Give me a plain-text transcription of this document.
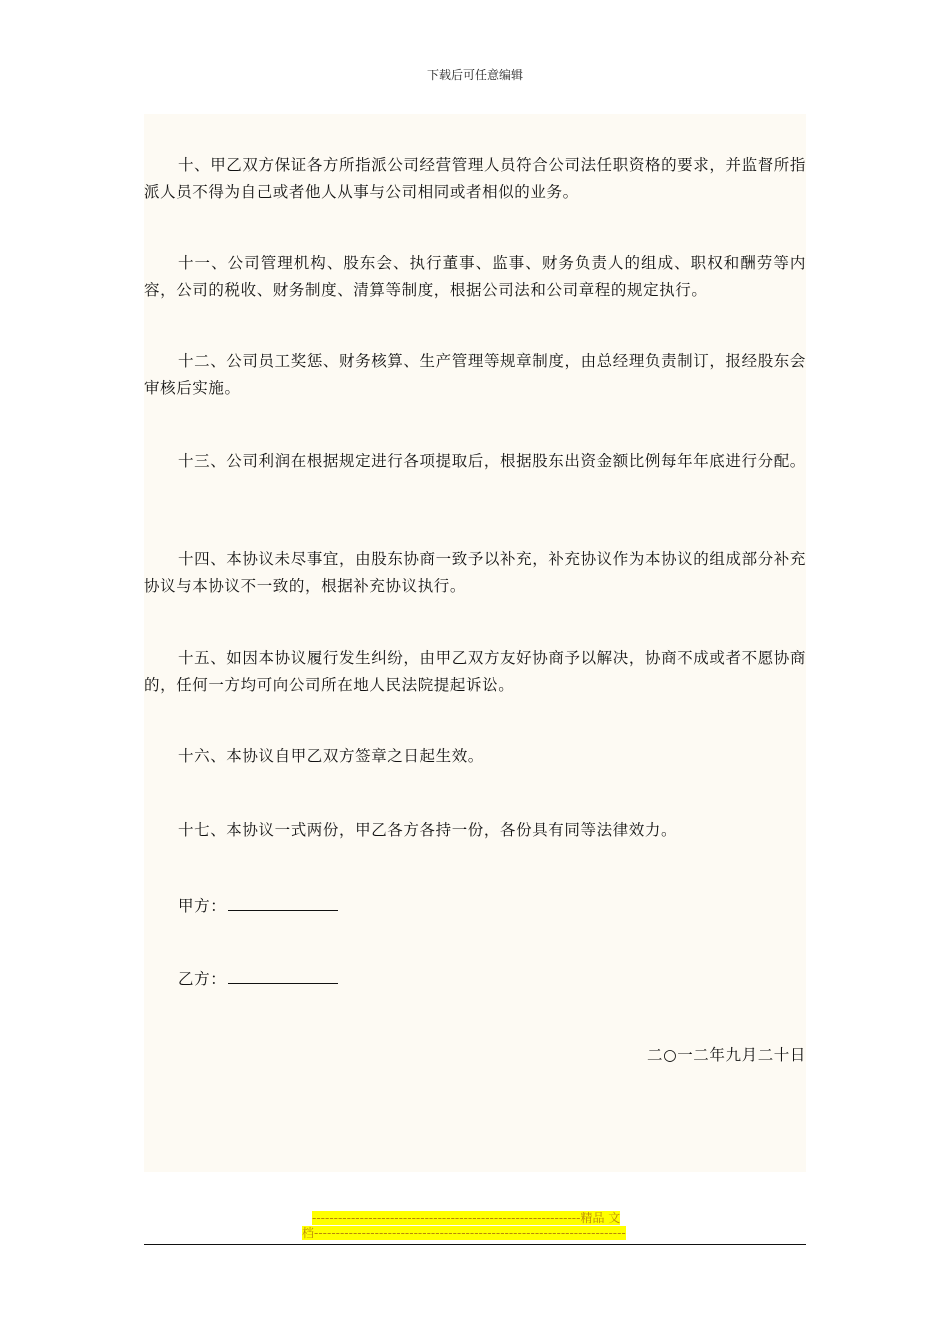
下载后可任意编辑

十、甲乙双方保证各方所指派公司经营管理人员符合公司法任职资格的要求，并监督所指派人员不得为自己或者他人从事与公司相同或者相似的业务。

十一、公司管理机构、股东会、执行董事、监事、财务负责人的组成、职权和酬劳等内容，公司的税收、财务制度、清算等制度，根据公司法和公司章程的规定执行。

十二、公司员工奖惩、财务核算、生产管理等规章制度，由总经理负责制订，报经股东会审核后实施。

十三、公司利润在根据规定进行各项提取后，根据股东出资金额比例每年年底进行分配。

十四、本协议未尽事宜，由股东协商一致予以补充，补充协议作为本协议的组成部分补充协议与本协议不一致的，根据补充协议执行。

十五、如因本协议履行发生纠纷，由甲乙双方友好协商予以解决，协商不成或者不愿协商的，任何一方均可向公司所在地人民法院提起诉讼。

十六、本协议自甲乙双方签章之日起生效。

十七、本协议一式两份，甲乙各方各持一份，各份具有同等法律效力。

甲方：
乙方：
二○一二年九月二十日
--------------------------------------------------------------精品 文
档------------------------------------------------------------------------
